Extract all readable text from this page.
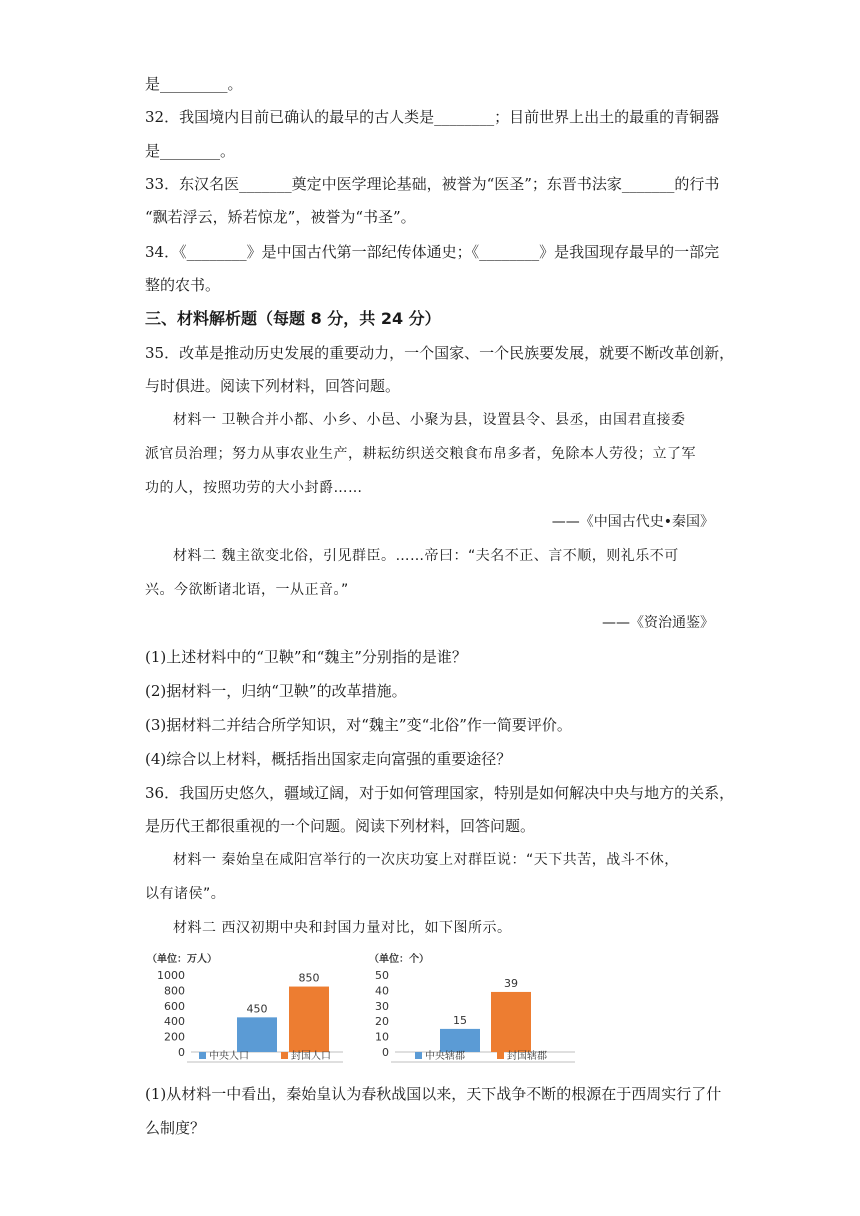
是_________。
32．我国境内目前已确认的最早的古人类是________；目前世界上出土的最重的青铜器
是________。
33．东汉名医_______奠定中医学理论基础，被誉为“医圣”；东晋书法家_______的行书
“飘若浮云，矫若惊龙”，被誉为“书圣”。
34．《________》是中国古代第一部纪传体通史；《________》是我国现存最早的一部完
整的农书。
三、材料解析题（每题 8 分，共 24 分）
35．改革是推动历史发展的重要动力，一个国家、一个民族要发展，就要不断改革创新，
与时俱进。阅读下列材料，回答问题。
材料一 卫鞅合并小都、小乡、小邑、小聚为县，设置县令、县丞，由国君直接委
派官员治理；努力从事农业生产，耕耘纺织送交粮食布帛多者，免除本人劳役；立了军
功的人，按照功劳的大小封爵……
——《中国古代史•秦国》
材料二 魏主欲变北俗，引见群臣。……帝曰：“夫名不正、言不顺，则礼乐不可
兴。今欲断诸北语，一从正音。”
——《资治通鉴》
(1)上述材料中的“卫鞅”和“魏主”分别指的是谁？
(2)据材料一，归纳“卫鞅”的改革措施。
(3)据材料二并结合所学知识，对“魏主”变“北俗”作一简要评价。
(4)综合以上材料，概括指出国家走向富强的重要途径？
36．我国历史悠久，疆域辽阔，对于如何管理国家，特别是如何解决中央与地方的关系，
是历代王都很重视的一个问题。阅读下列材料，回答问题。
材料一 秦始皇在咸阳宫举行的一次庆功宴上对群臣说：“天下共苦，战斗不休，
以有诸侯”。
材料二 西汉初期中央和封国力量对比，如下图所示。
（单位：万人）
0
200
400
600
800
1000
450
850
中央人口	封国人口
（单位：个）
0
10
20
30
40
50
15
39
中央辖郡	封国辖郡
(1)从材料一中看出，秦始皇认为春秋战国以来，天下战争不断的根源在于西周实行了什
么制度？
